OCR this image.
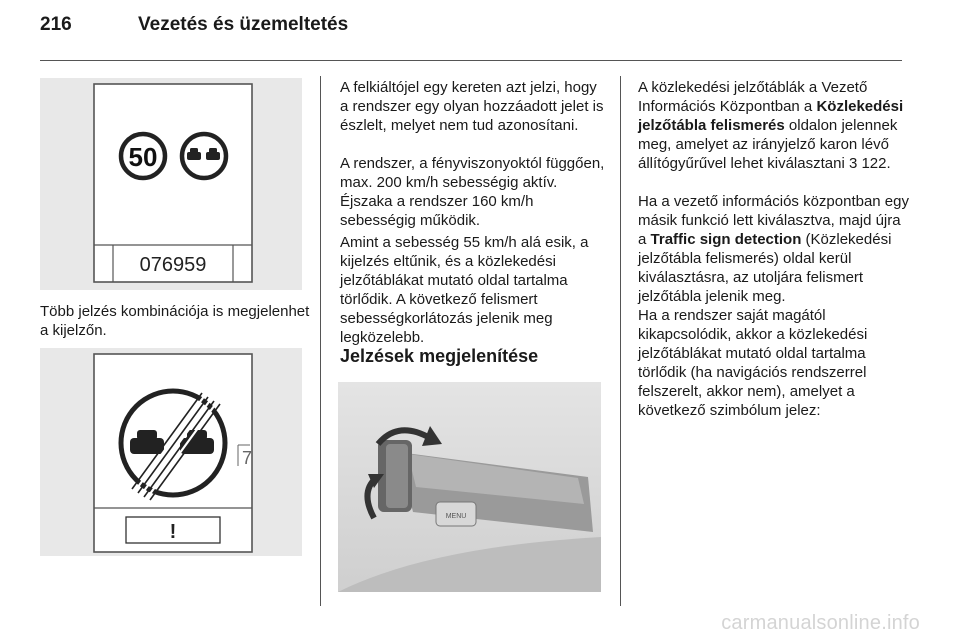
216	Vezetés és üzemeltetés
50
076959

Több jelzés kombinációja is megjelenhet a kijelzőn.

7
!

A felkiáltójel egy kereten azt jelzi, hogy a rendszer egy olyan hozzáadott jelet is észlelt, melyet nem tud azonosítani.

A rendszer, a fényviszonyoktól függően, max. 200 km/h sebességig aktív. Éjszaka a rendszer 160 km/h sebességig működik.

Amint a sebesség 55 km/h alá esik, a kijelzés eltűnik, és a közlekedési jelzőtáblákat mutató oldal tartalma törlődik. A következő felismert sebességkorlátozás jelenik meg legközelebb.

Jelzések megjelenítése
MENU

A közlekedési jelzőtáblák a Vezető Információs Központban a Közlekedési jelzőtábla felismerés oldalon jelennek meg, amelyet az irányjelző karon lévő állítógyűrűvel lehet kiválasztani 3 122.

Ha a vezető információs központban egy másik funkció lett kiválasztva, majd újra a Traffic sign detection (Közlekedési jelzőtábla felismerés) oldal kerül kiválasztásra, az utoljára felismert jelzőtábla jelenik meg.

Ha a rendszer saját magától kikapcsolódik, akkor a közlekedési jelzőtáblákat mutató oldal tartalma törlődik (ha navigációs rendszerrel felszerelt, akkor nem), amelyet a következő szimbólum jelez:

carmanualsonline.info
